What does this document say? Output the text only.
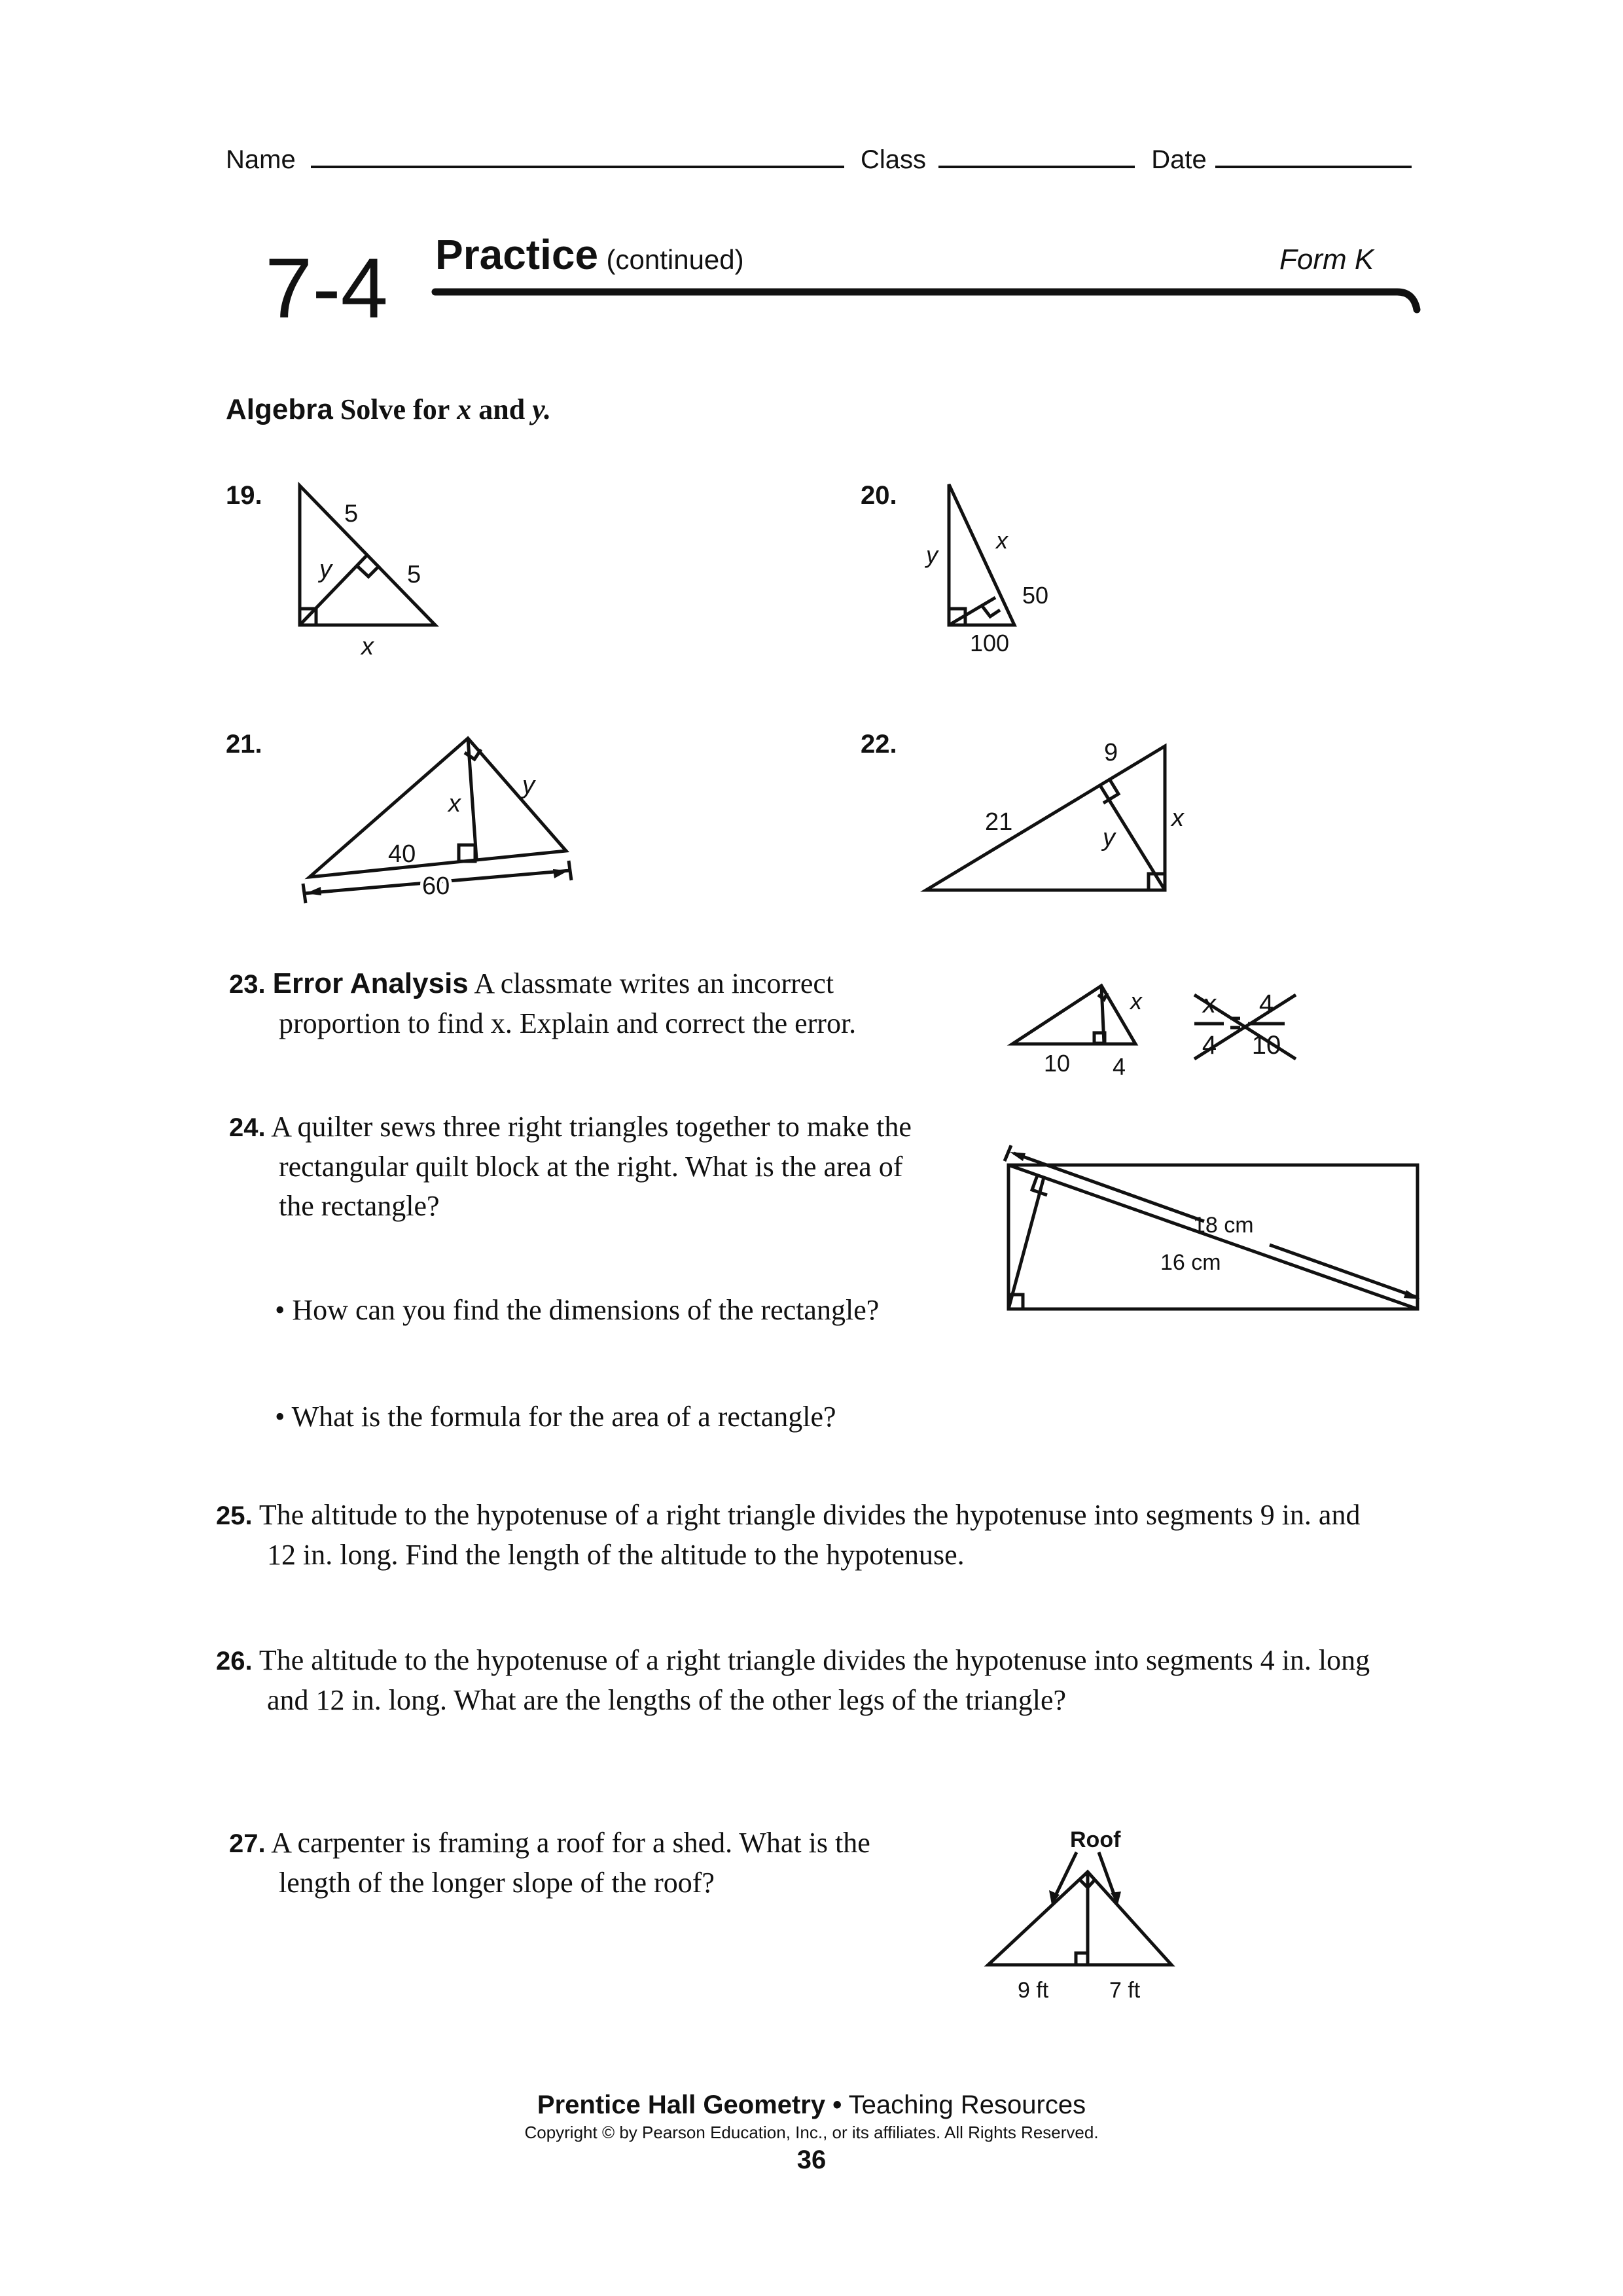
Name	Class	Date
7-4 Practice (continued)	Form K
Algebra Solve for x and y.
19.
5
5
y
x
20.
y
x
50
100
21.
x
y
40
60
22.	9
21
y
x
23. Error Analysis A classmate writes an incorrect
proportion to find x. Explain and correct the error.
x
10 4
x
4
4
10
24. A quilter sews three right triangles together to make the
rectangular quilt block at the right. What is the area of
the rectangle?
• How can you find the dimensions of the rectangle?
• What is the formula for the area of a rectangle?
18 cm
16 cm
25. The altitude to the hypotenuse of a right triangle divides the hypotenuse into segments 9 in. and
12 in. long. Find the length of the altitude to the hypotenuse.
26. The altitude to the hypotenuse of a right triangle divides the hypotenuse into segments 4 in. long
and 12 in. long. What are the lengths of the other legs of the triangle?
27. A carpenter is framing a roof for a shed. What is the
length of the longer slope of the roof?
Roof
9 ft	7 ft
Prentice Hall Geometry • Teaching Resources
Copyright © by Pearson Education, Inc., or its affiliates. All Rights Reserved.
36
